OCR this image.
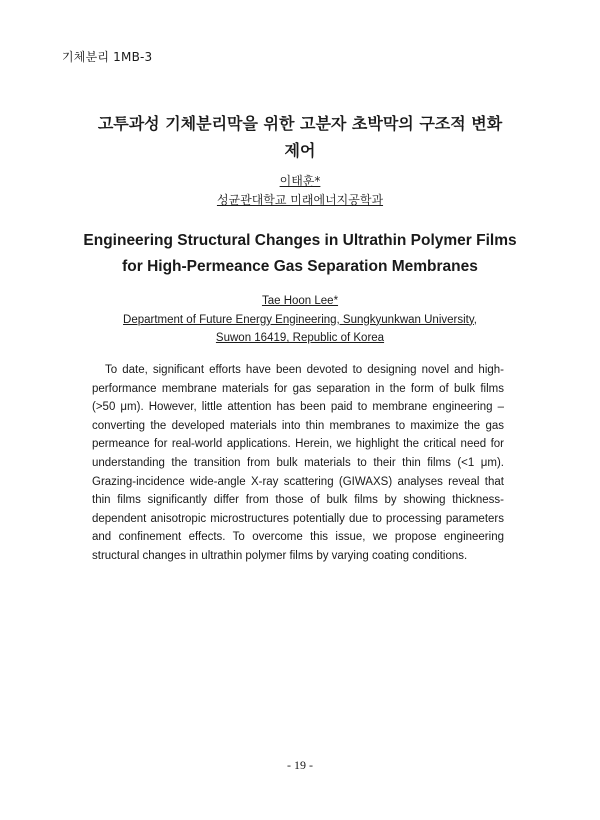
기체분리 1MB-3
고투과성 기체분리막을 위한 고분자 초박막의 구조적 변화
제어
이태훈*
성균관대학교 미래에너지공학과
Engineering Structural Changes in Ultrathin Polymer Films
for High-Permeance Gas Separation Membranes
Tae Hoon Lee*
Department of Future Energy Engineering, Sungkyunkwan University,
Suwon 16419, Republic of Korea

To date, significant efforts have been devoted to designing novel and high-performance membrane materials for gas separation in the form of bulk films (>50 μm). However, little attention has been paid to membrane engineering – converting the developed materials into thin membranes to maximize the gas permeance for real-world applications. Herein, we highlight the critical need for understanding the transition from bulk materials to their thin films (<1 μm). Grazing-incidence wide-angle X-ray scattering (GIWAXS) analyses reveal that thin films significantly differ from those of bulk films by showing thickness-dependent anisotropic microstructures potentially due to processing parameters and confinement effects. To overcome this issue, we propose engineering structural changes in ultrathin polymer films by varying coating conditions.

- 19 -
